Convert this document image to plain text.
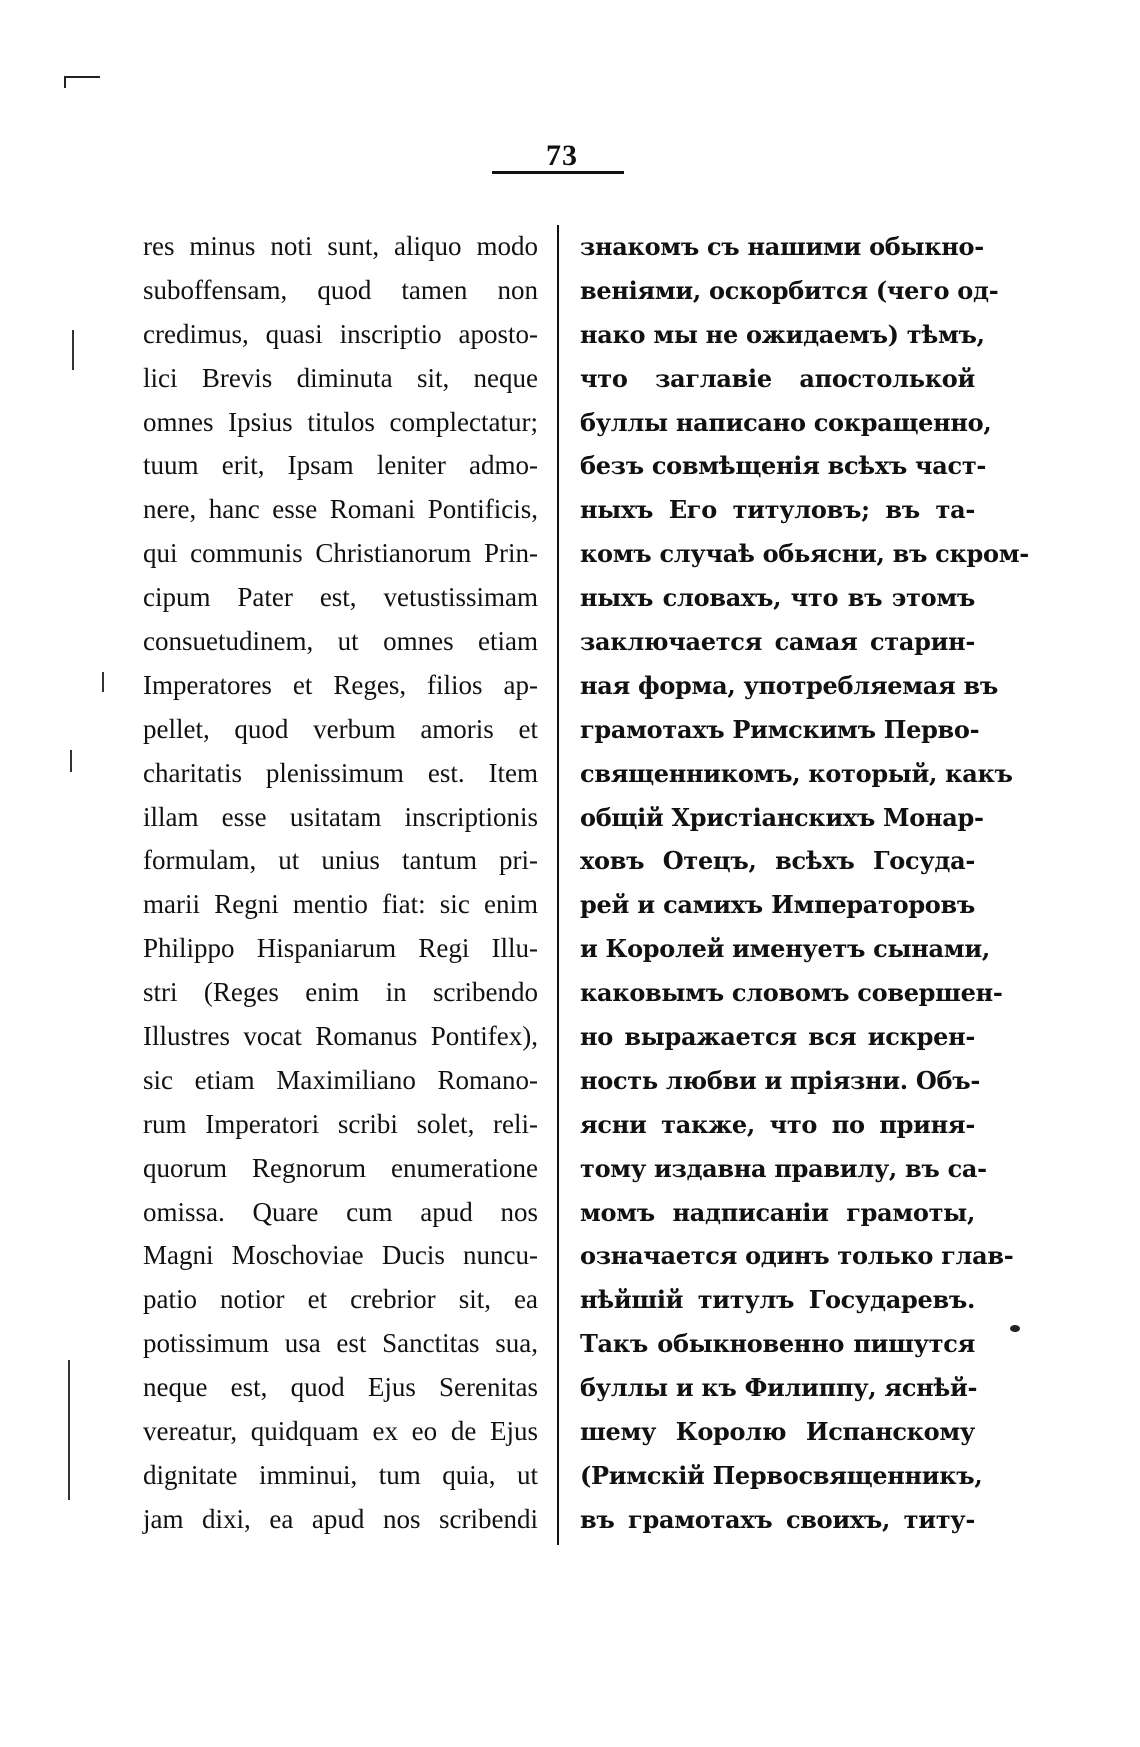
73
res minus noti sunt, aliquo modo
suboffensam, quod tamen non
credimus, quasi inscriptio aposto-
lici Brevis diminuta sit, neque
omnes Ipsius titulos complectatur;
tuum erit, Ipsam leniter admo-
nere, hanc esse Romani Pontificis,
qui communis Christianorum Prin-
cipum Pater est, vetustissimam
consuetudinem, ut omnes etiam
Imperatores et Reges, filios ap-
pellet, quod verbum amoris et
charitatis plenissimum est. Item
illam esse usitatam inscriptionis
formulam, ut unius tantum pri-
marii Regni mentio fiat: sic enim
Philippo Hispaniarum Regi Illu-
stri (Reges enim in scribendo
Illustres vocat Romanus Pontifex),
sic etiam Maximiliano Romano-
rum Imperatori scribi solet, reli-
quorum Regnorum enumeratione
omissa. Quare cum apud nos
Magni Moschoviae Ducis nuncu-
patio notior et crebrior sit, ea
potissimum usa est Sanctitas sua,
neque est, quod Ejus Serenitas
vereatur, quidquam ex eo de Ejus
dignitate imminui, tum quia, ut
jam dixi, ea apud nos scribendi
знакомъ съ нашими обыкно-
веніями, оскорбится (чего од-
нако мы не ожидаемъ) тѣмъ,
что заглавіе апостолькой
буллы написано сокращенно,
безъ совмѣщенія всѣхъ част-
ныхъ Его титуловъ; въ та-
комъ случаѣ обьясни, въ скром-
ныхъ словахъ, что въ этомъ
заключается самая старин-
ная форма, употребляемая въ
грамотахъ Римскимъ Перво-
священникомъ, который, какъ
общій Христіанскихъ Монар-
ховъ Отецъ, всѣхъ Госуда-
рей и самихъ Императоровъ
и Королей именуетъ сынами,
каковымъ словомъ совершен-
но выражается вся искрен-
ность любви и пріязни. Объ-
ясни также, что по приня-
тому издавна правилу, въ са-
момъ надписаніи грамоты,
означается одинъ только глав-
нѣйшій титулъ Государевъ.
Такъ обыкновенно пишутся
буллы и къ Филиппу, яснѣй-
шему Королю Испанскому
(Римскій Первосвященникъ,
въ грамотахъ своихъ, титу-
